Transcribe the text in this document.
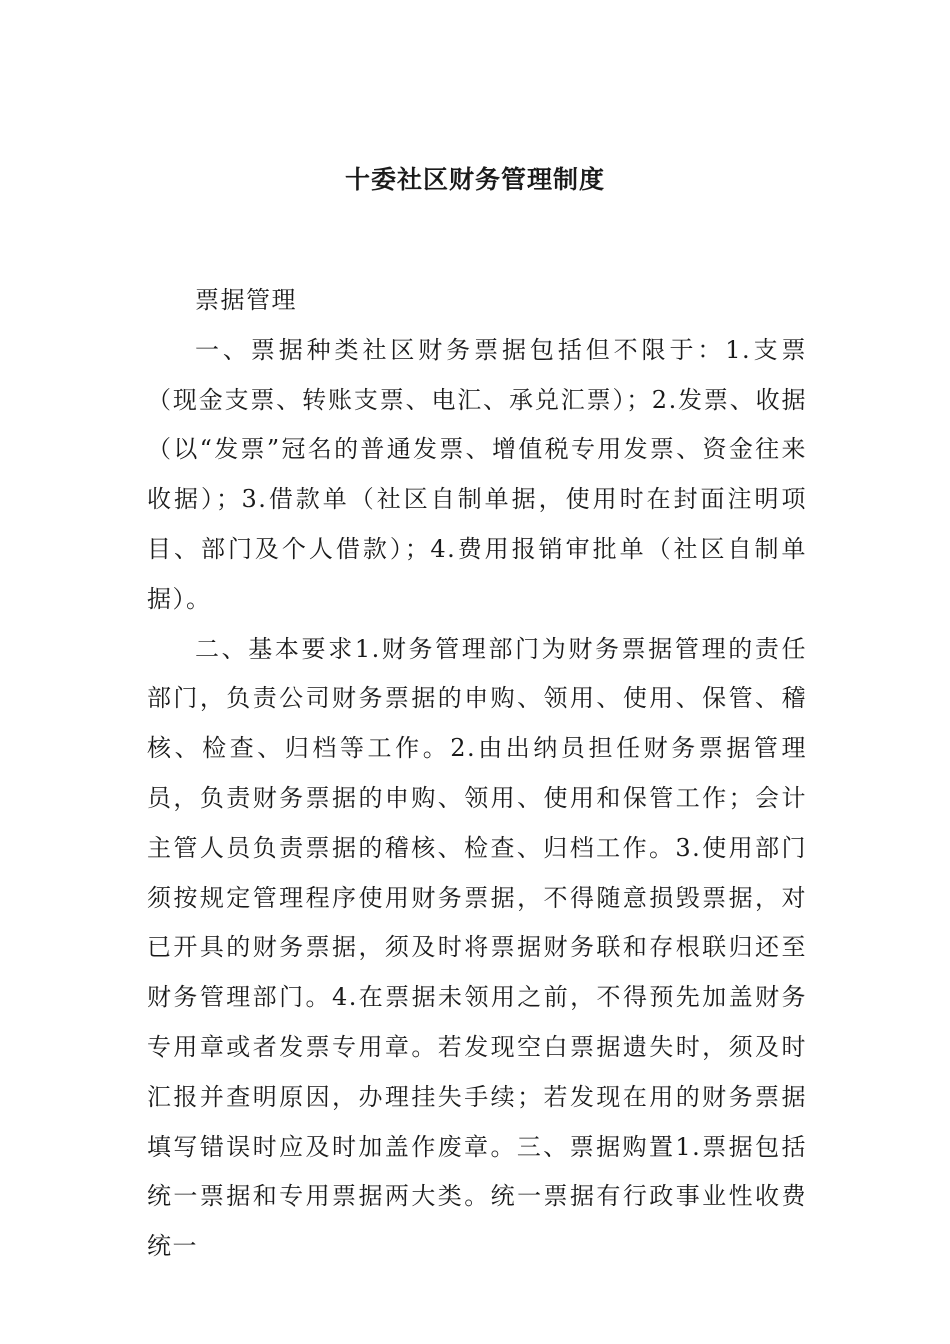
十委社区财务管理制度

票据管理

一、票据种类社区财务票据包括但不限于：1.支票（现金支票、转账支票、电汇、承兑汇票）；2.发票、收据（以“发票”冠名的普通发票、增值税专用发票、资金往来收据）；3.借款单（社区自制单据，使用时在封面注明项目、部门及个人借款）；4.费用报销审批单（社区自制单据）。

二、基本要求1.财务管理部门为财务票据管理的责任部门，负责公司财务票据的申购、领用、使用、保管、稽核、检查、归档等工作。2.由出纳员担任财务票据管理员，负责财务票据的申购、领用、使用和保管工作；会计主管人员负责票据的稽核、检查、归档工作。3.使用部门须按规定管理程序使用财务票据，不得随意损毁票据，对已开具的财务票据，须及时将票据财务联和存根联归还至财务管理部门。4.在票据未领用之前，不得预先加盖财务专用章或者发票专用章。若发现空白票据遗失时，须及时汇报并查明原因，办理挂失手续；若发现在用的财务票据填写错误时应及时加盖作废章。三、票据购置1.票据包括统一票据和专用票据两大类。统一票据有行政事业性收费统一
